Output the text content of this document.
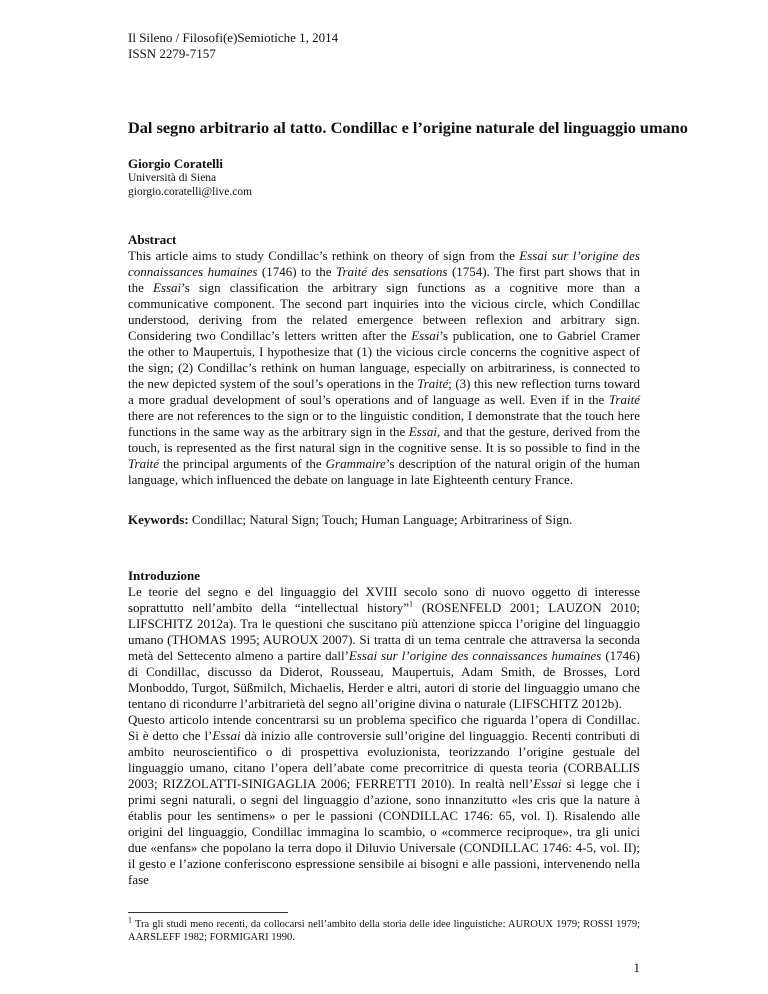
Il Sileno / Filosofi(e)Semiotiche 1, 2014
ISSN 2279-7157
Dal segno arbitrario al tatto. Condillac e l’origine naturale del linguaggio umano
Giorgio Coratelli
Università di Siena
giorgio.coratelli@live.com
Abstract

This article aims to study Condillac’s rethink on theory of sign from the Essai sur l’origine des connaissances humaines (1746) to the Traité des sensations (1754). The first part shows that in the Essai’s sign classification the arbitrary sign functions as a cognitive more than a communicative component. The second part inquiries into the vicious circle, which Condillac understood, deriving from the related emergence between reflexion and arbitrary sign. Considering two Condillac’s letters written after the Essai’s publication, one to Gabriel Cramer the other to Maupertuis, I hypothesize that (1) the vicious circle concerns the cognitive aspect of the sign; (2) Condillac’s rethink on human language, especially on arbitrariness, is connected to the new depicted system of the soul’s operations in the Traité; (3) this new reflection turns toward a more gradual development of soul’s operations and of language as well. Even if in the Traité there are not references to the sign or to the linguistic condition, I demonstrate that the touch here functions in the same way as the arbitrary sign in the Essai, and that the gesture, derived from the touch, is represented as the first natural sign in the cognitive sense. It is so possible to find in the Traité the principal arguments of the Grammaire’s description of the natural origin of the human language, which influenced the debate on language in late Eighteenth century France.

Keywords: Condillac; Natural Sign; Touch; Human Language; Arbitrariness of Sign.
Introduzione

Le teorie del segno e del linguaggio del XVIII secolo sono di nuovo oggetto di interesse soprattutto nell’ambito della “intellectual history”$^1$ (ROSENFELD 2001; LAUZON 2010; LIFSCHITZ 2012a). Tra le questioni che suscitano più attenzione spicca l’origine del linguaggio umano (THOMAS 1995; AUROUX 2007). Si tratta di un tema centrale che attraversa la seconda metà del Settecento almeno a partire dall’Essai sur l’origine des connaissances humaines (1746) di Condillac, discusso da Diderot, Rousseau, Maupertuis, Adam Smith, de Brosses, Lord Monboddo, Turgot, Süßmilch, Michaelis, Herder e altri, autori di storie del linguaggio umano che tentano di ricondurre l’arbitrarietà del segno all’origine divina o naturale (LIFSCHITZ 2012b).

Questo articolo intende concentrarsi su un problema specifico che riguarda l’opera di Condillac. Si è detto che l’Essai dà inizio alle controversie sull’origine del linguaggio. Recenti contributi di ambito neuroscientifico o di prospettiva evoluzionista, teorizzando l’origine gestuale del linguaggio umano, citano l’opera dell’abate come precorritrice di questa teoria (CORBALLIS 2003; RIZZOLATTI-SINIGAGLIA 2006; FERRETTI 2010). In realtà nell’Essai si legge che i primi segni naturali, o segni del linguaggio d’azione, sono innanzitutto «les cris que la nature à établis pour les sentimens» o per le passioni (CONDILLAC 1746: 65, vol. I). Risalendo alle origini del linguaggio, Condillac immagina lo scambio, o «commerce reciproque», tra gli unici due «enfans» che popolano la terra dopo il Diluvio Universale (CONDILLAC 1746: 4-5, vol. II); il gesto e l’azione conferiscono espressione sensibile ai bisogni e alle passioni, intervenendo nella fase

$^1$ Tra gli studi meno recenti, da collocarsi nell’ambito della storia delle idee linguistiche: AUROUX 1979; ROSSI 1979; AARSLEFF 1982; FORMIGARI 1990.
1
